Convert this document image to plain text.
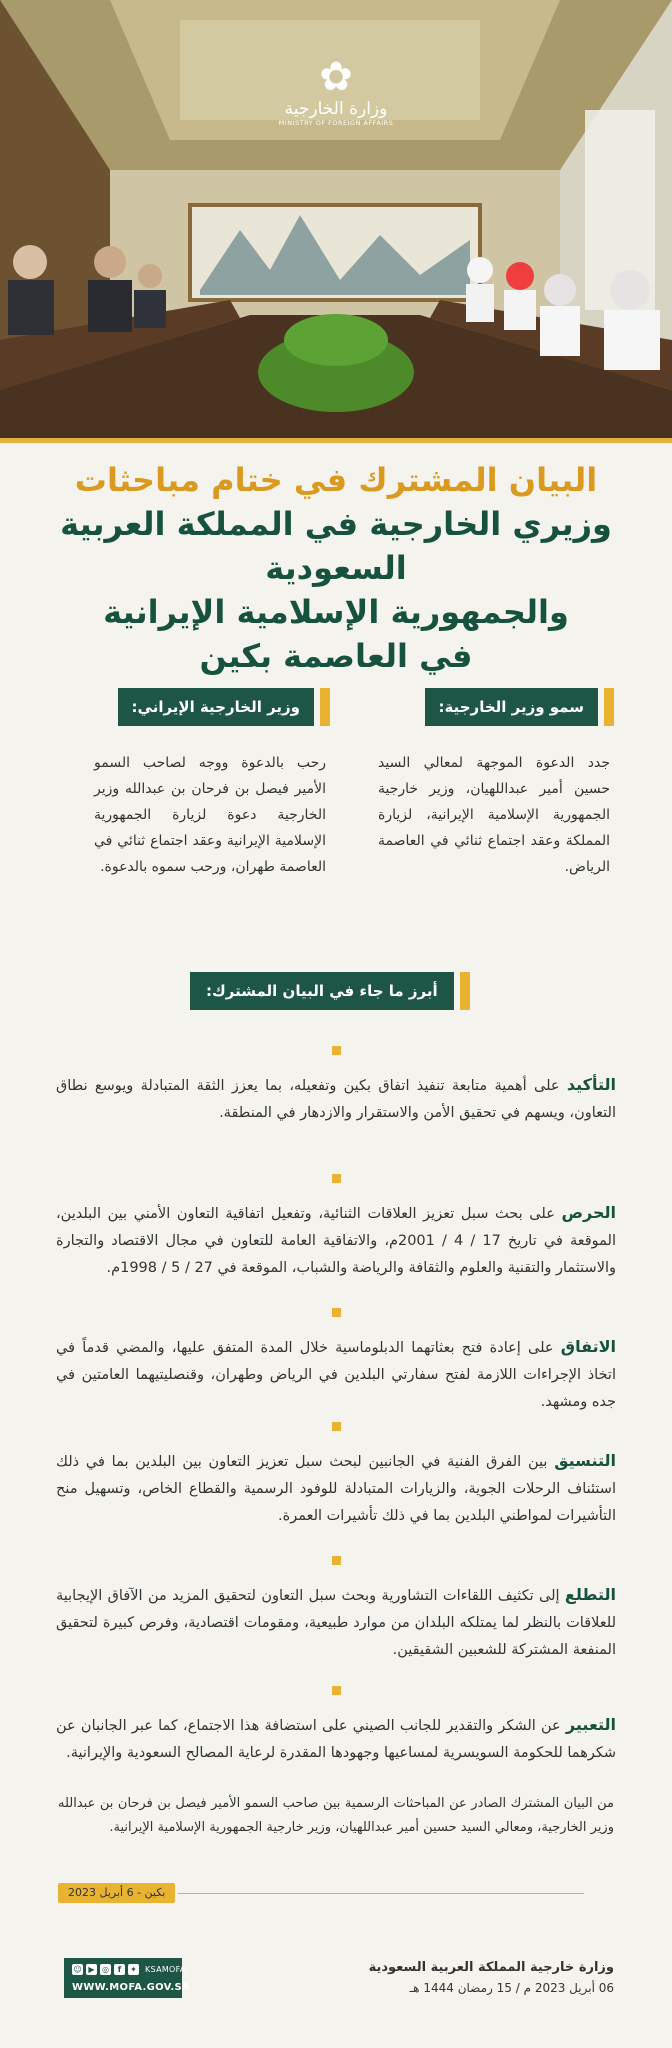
✿
وزارة الخارجية
MINISTRY OF FOREIGN AFFAIRS
البيان المشترك في ختام مباحثات
وزيري الخارجية في المملكة العربية السعودية
والجمهورية الإسلامية الإيرانية
في العاصمة بكين
سمو وزير الخارجية:
جدد الدعوة الموجهة لمعالي السيد حسين أمير عبداللهيان، وزير خارجية الجمهورية الإسلامية الإيرانية، لزيارة المملكة وعقد اجتماع ثنائي في العاصمة الرياض.
وزير الخارجية الإيراني:
رحب بالدعوة ووجه لصاحب السمو الأمير فيصل بن فرحان بن عبدالله وزير الخارجية دعوة لزيارة الجمهورية الإسلامية الإيرانية وعقد اجتماع ثنائي في العاصمة طهران، ورحب سموه بالدعوة.
أبرز ما جاء في البيان المشترك:

التأكيد على أهمية متابعة تنفيذ اتفاق بكين وتفعيله، بما يعزز الثقة المتبادلة ويوسع نطاق التعاون، ويسهم في تحقيق الأمن والاستقرار والازدهار في المنطقة.

الحرص على بحث سبل تعزيز العلاقات الثنائية، وتفعيل اتفاقية التعاون الأمني بين البلدين، الموقعة في تاريخ 17 / 4 / 2001م، والاتفاقية العامة للتعاون في مجال الاقتصاد والتجارة والاستثمار والتقنية والعلوم والثقافة والرياضة والشباب، الموقعة في 27 / 5 / 1998م.

الاتفاق على إعادة فتح بعثاتهما الدبلوماسية خلال المدة المتفق عليها، والمضي قدماً في اتخاذ الإجراءات اللازمة لفتح سفارتي البلدين في الرياض وطهران، وقنصليتيهما العامتين في جده ومشهد.

التنسيق بين الفرق الفنية في الجانبين لبحث سبل تعزيز التعاون بين البلدين بما في ذلك استئناف الرحلات الجوية، والزيارات المتبادلة للوفود الرسمية والقطاع الخاص، وتسهيل منح التأشيرات لمواطني البلدين بما في ذلك تأشيرات العمرة.

التطلع إلى تكثيف اللقاءات التشاورية وبحث سبل التعاون لتحقيق المزيد من الآفاق الإيجابية للعلاقات بالنظر لما يمتلكه البلدان من موارد طبيعية، ومقومات اقتصادية، وفرص كبيرة لتحقيق المنفعة المشتركة للشعبين الشقيقين.

التعبير عن الشكر والتقدير للجانب الصيني على استضافة هذا الاجتماع، كما عبر الجانبان عن شكرهما للحكومة السويسرية لمساعيها وجهودها المقدرة لرعاية المصالح السعودية والإيرانية.

من البيان المشترك الصادر عن المباحثات الرسمية بين صاحب السمو الأمير فيصل بن فرحان بن عبدالله وزير الخارجية، ومعالي السيد حسين أمير عبداللهيان، وزير خارجية الجمهورية الإسلامية الإيرانية.
بكين - 6 أبريل 2023
☺ ▶ ◎	f	✦ KSAMOFA
WWW.MOFA.GOV.SA
وزارة خارجية المملكة العربية السعودية
06 أبريل 2023 م / 15 رمضان 1444 هـ
